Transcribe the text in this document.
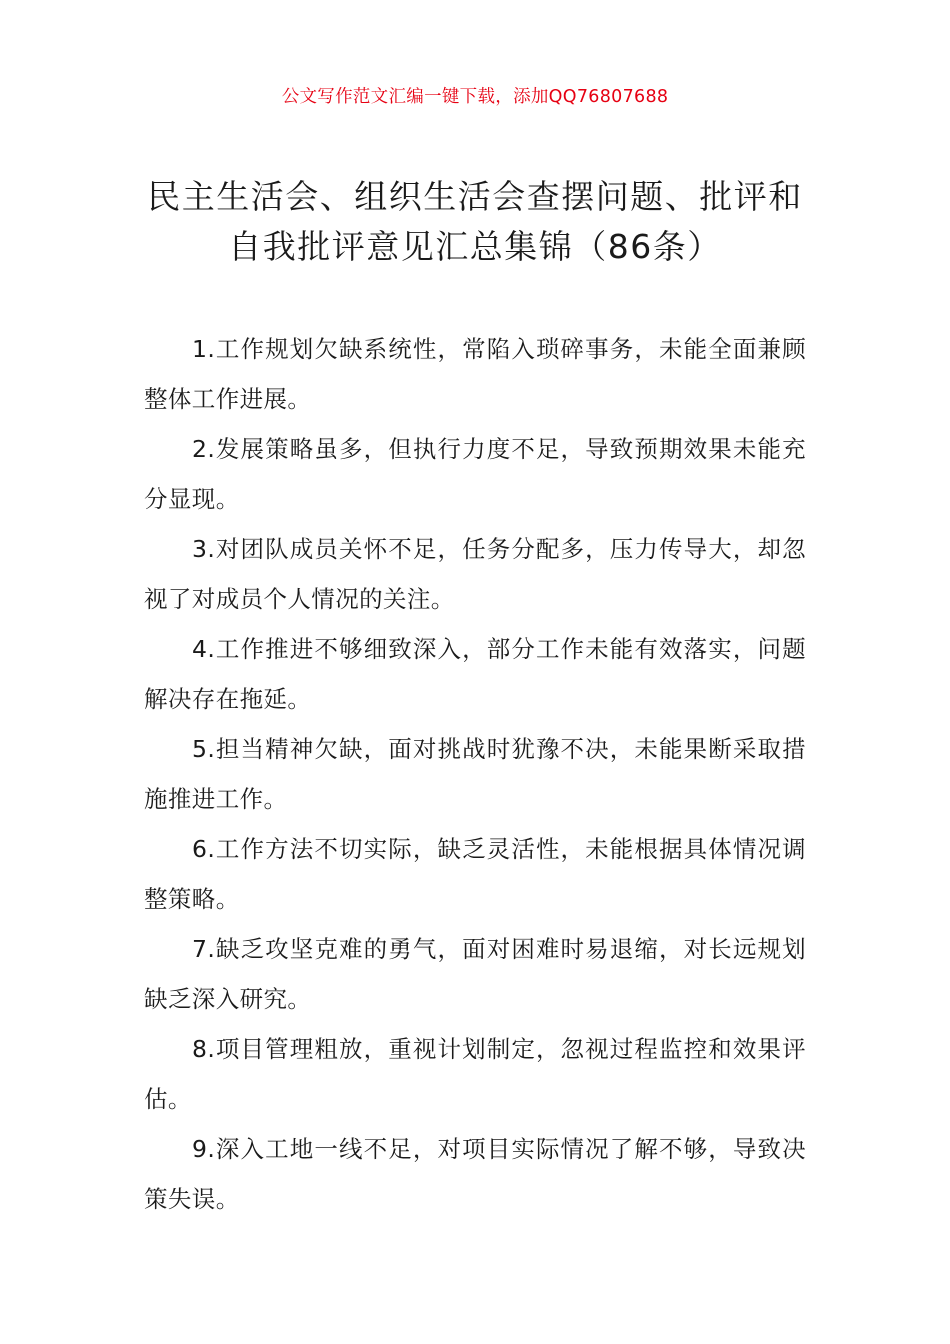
公文写作范文汇编一键下载，添加QQ76807688
民主生活会、组织生活会查摆问题、批评和自我批评意见汇总集锦（86条）
1.工作规划欠缺系统性，常陷入琐碎事务，未能全面兼顾整体工作进展。
2.发展策略虽多，但执行力度不足，导致预期效果未能充分显现。
3.对团队成员关怀不足，任务分配多，压力传导大，却忽视了对成员个人情况的关注。
4.工作推进不够细致深入，部分工作未能有效落实，问题解决存在拖延。
5.担当精神欠缺，面对挑战时犹豫不决，未能果断采取措施推进工作。
6.工作方法不切实际，缺乏灵活性，未能根据具体情况调整策略。
7.缺乏攻坚克难的勇气，面对困难时易退缩，对长远规划缺乏深入研究。
8.项目管理粗放，重视计划制定，忽视过程监控和效果评估。
9.深入工地一线不足，对项目实际情况了解不够，导致决策失误。
